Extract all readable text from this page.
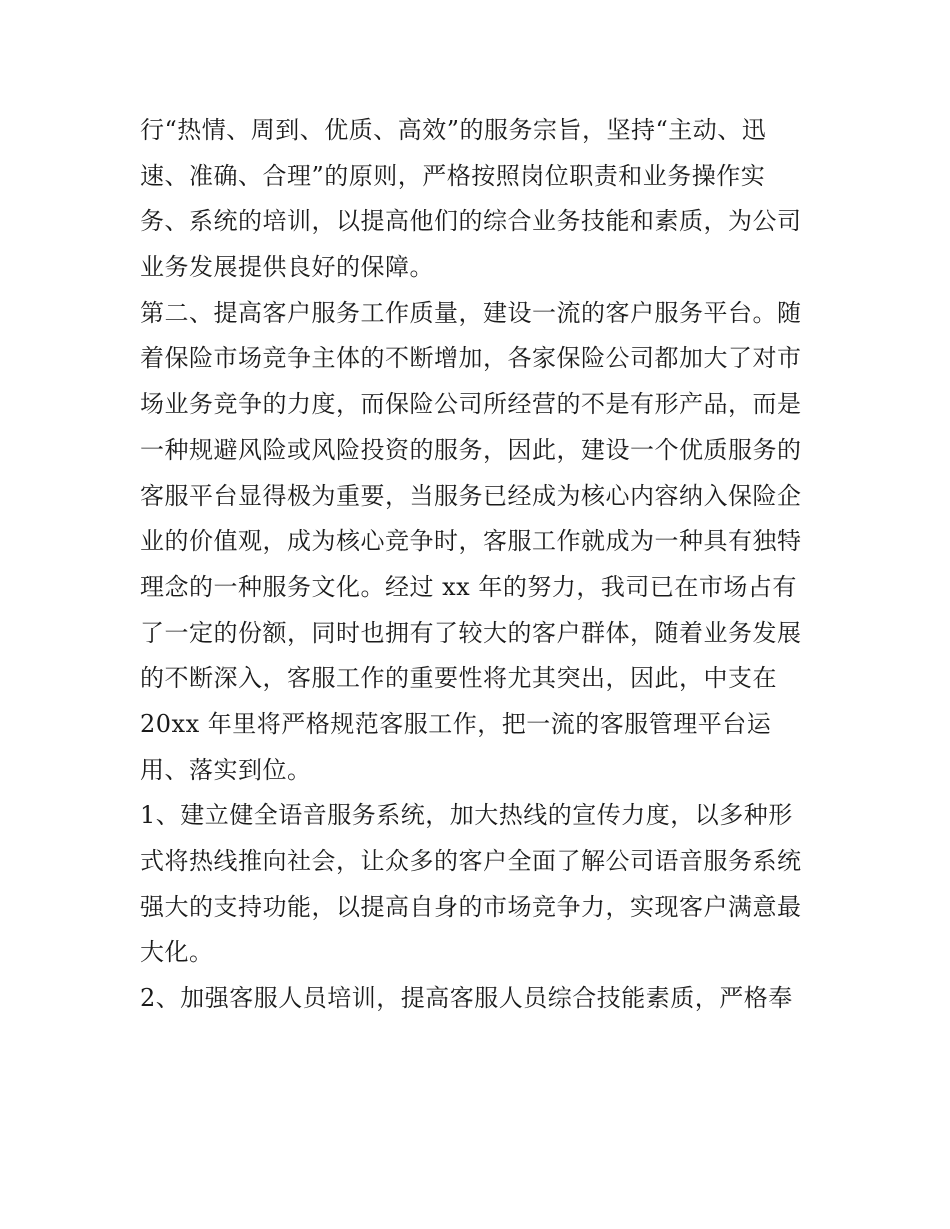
行“热情、周到、优质、高效”的服务宗旨，坚持“主动、迅
速、准确、合理”的原则，严格按照岗位职责和业务操作实
务、系统的培训，以提高他们的综合业务技能和素质，为公司
业务发展提供良好的保障。
第二、提高客户服务工作质量，建设一流的客户服务平台。随
着保险市场竞争主体的不断增加，各家保险公司都加大了对市
场业务竞争的力度，而保险公司所经营的不是有形产品，而是
一种规避风险或风险投资的服务，因此，建设一个优质服务的
客服平台显得极为重要，当服务已经成为核心内容纳入保险企
业的价值观，成为核心竞争时，客服工作就成为一种具有独特
理念的一种服务文化。经过 xx 年的努力，我司已在市场占有
了一定的份额，同时也拥有了较大的客户群体，随着业务发展
的不断深入，客服工作的重要性将尤其突出，因此，中支在
20xx 年里将严格规范客服工作，把一流的客服管理平台运
用、落实到位。
1、建立健全语音服务系统，加大热线的宣传力度，以多种形
式将热线推向社会，让众多的客户全面了解公司语音服务系统
强大的支持功能，以提高自身的市场竞争力，实现客户满意最
大化。
2、加强客服人员培训，提高客服人员综合技能素质，严格奉
